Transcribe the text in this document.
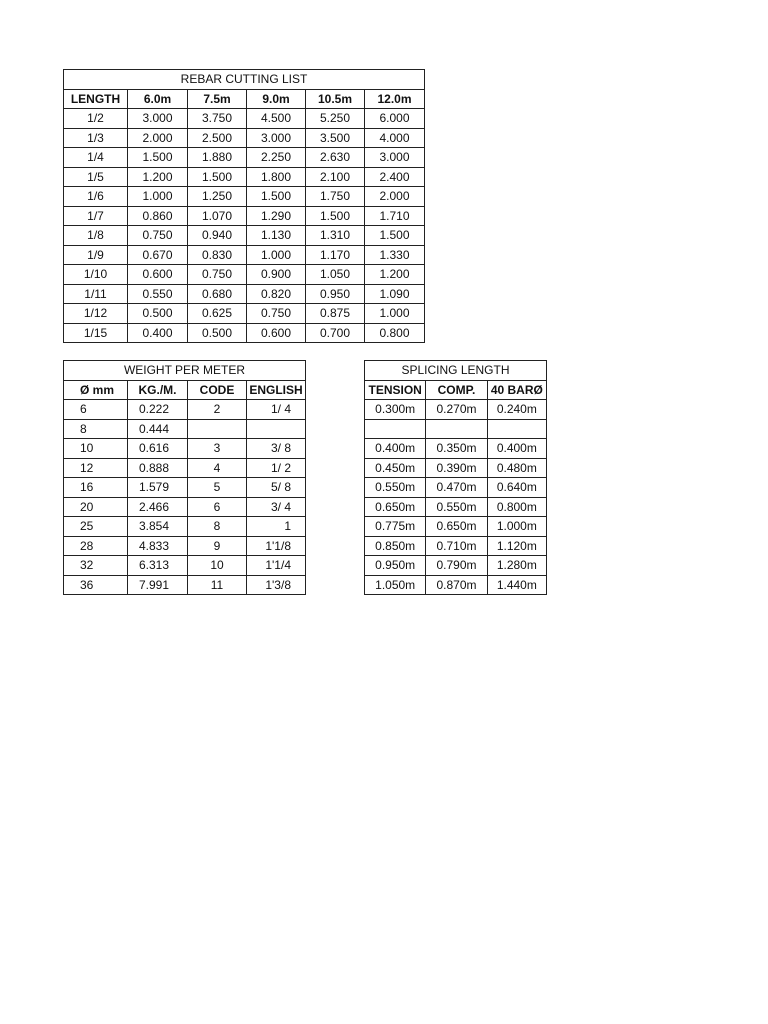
REBAR CUTTING LIST					
LENGTH	6.0m	7.5m	9.0m	10.5m	12.0m
1/2	3.000	3.750	4.500	5.250	6.000
1/3	2.000	2.500	3.000	3.500	4.000
1/4	1.500	1.880	2.250	2.630	3.000
1/5	1.200	1.500	1.800	2.100	2.400
1/6	1.000	1.250	1.500	1.750	2.000
1/7	0.860	1.070	1.290	1.500	1.710
1/8	0.750	0.940	1.130	1.310	1.500
1/9	0.670	0.830	1.000	1.170	1.330
1/10	0.600	0.750	0.900	1.050	1.200
1/11	0.550	0.680	0.820	0.950	1.090
1/12	0.500	0.625	0.750	0.875	1.000
1/15	0.400	0.500	0.600	0.700	0.800
WEIGHT PER METER			
Ø mm	KG./M.	CODE	ENGLISH
6	0.222	2	1/ 4
8	0.444		
10	0.616	3	3/ 8
12	0.888	4	1/ 2
16	1.579	5	5/ 8
20	2.466	6	3/ 4
25	3.854	8	1
28	4.833	9	1'1/8
32	6.313	10	1'1/4
36	7.991	11	1'3/8
SPLICING LENGTH		
TENSION	COMP.	40 BARØ
0.300m	0.270m	0.240m

0.400m	0.350m	0.400m
0.450m	0.390m	0.480m
0.550m	0.470m	0.640m
0.650m	0.550m	0.800m
0.775m	0.650m	1.000m
0.850m	0.710m	1.120m
0.950m	0.790m	1.280m
1.050m	0.870m	1.440m
